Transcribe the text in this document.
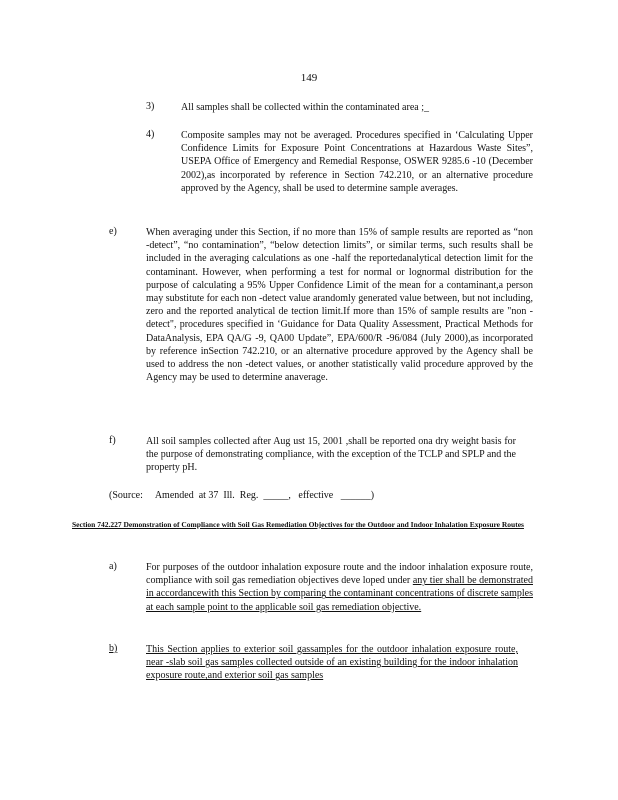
149
3)	All samples shall be collected within the contaminated area ;_
4)	Composite samples may not be averaged. Procedures specified in ‘Calculating Upper Confidence Limits for Exposure Point Concentrations at Hazardous Waste Sites”, USEPA Office of Emergency and Remedial Response, OSWER 9285.6 -10 (December 2002),as incorporated by reference in Section 742.210, or an alternative procedure approved by the Agency, shall be used to determine sample averages.
e)	When averaging under this Section, if no more than 15% of sample results are reported as “non -detect”, “no contamination”, “below detection limits”, or similar terms, such results shall be included in the averaging calculations as one -half the reportedanalytical detection limit for the contaminant. However, when performing a test for normal or lognormal distribution for the purpose of calculating a 95% Upper Confidence Limit of the mean for a contaminant,a person may substitute for each non -detect value arandomly generated value between, but not including, zero and the reported analytical de tection limit.If more than 15% of sample results are "non -detect", procedures specified in ‘Guidance for Data Quality Assessment, Practical Methods for DataAnalysis, EPA QA/G -9, QA00 Update”, EPA/600/R -96/084 (July 2000),as incorporated by reference inSection 742.210, or an alternative procedure approved by the Agency shall be used to address the non -detect values, or another statistically valid procedure approved by the Agency may be used to determine anaverage.
f)	All soil samples collected after Aug ust 15, 2001 ,shall be reported ona dry weight basis for the purpose of demonstrating compliance, with the exception of the TCLP and SPLP and the property pH.
(Source:     Amended  at 37  Ill.  Reg.  _____,   effective   ______)
Section 742.227 Demonstration of Compliance with Soil Gas Remediation Objectives for the Outdoor and Indoor Inhalation Exposure Routes
a)	For purposes of the outdoor inhalation exposure route and the indoor inhalation exposure route, compliance with soil gas remediation objectives deve loped under any tier shall be demonstrated in accordancewith this Section by comparing the contaminant concentrations of discrete samples at each sample point to the applicable soil gas remediation objective.
b)	This Section applies to exterior soil gassamples for the outdoor inhalation exposure route, near -slab soil gas samples collected outside of an existing building for the indoor inhalation exposure route,and exterior soil gas samples
